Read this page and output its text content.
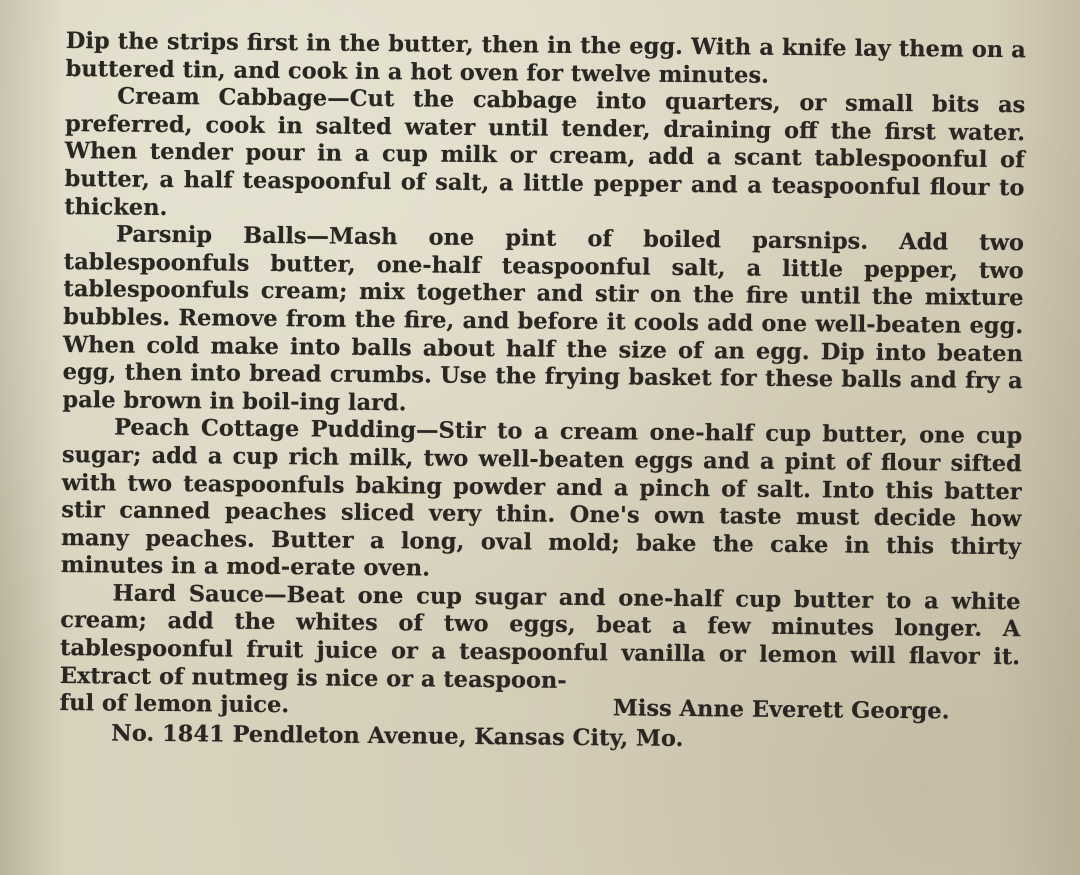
Dip the strips first in the butter, then in the egg. With a knife lay them on a buttered tin, and cook in a hot oven for twelve minutes.

Cream Cabbage—Cut the cabbage into quarters, or small bits as preferred, cook in salted water until tender, draining off the first water. When tender pour in a cup milk or cream, add a scant tablespoonful of butter, a half teaspoonful of salt, a little pepper and a teaspoonful flour to thicken.

Parsnip Balls—Mash one pint of boiled parsnips. Add two tablespoonfuls butter, one-half teaspoonful salt, a little pepper, two tablespoonfuls cream; mix together and stir on the fire until the mixture bubbles. Remove from the fire, and before it cools add one well-beaten egg. When cold make into balls about half the size of an egg. Dip into beaten egg, then into bread crumbs. Use the frying basket for these balls and fry a pale brown in boil-ing lard.

Peach Cottage Pudding—Stir to a cream one-half cup butter, one cup sugar; add a cup rich milk, two well-beaten eggs and a pint of flour sifted with two teaspoonfuls baking powder and a pinch of salt. Into this batter stir canned peaches sliced very thin. One's own taste must decide how many peaches. Butter a long, oval mold; bake the cake in this thirty minutes in a mod-erate oven.

Hard Sauce—Beat one cup sugar and one-half cup butter to a white cream; add the whites of two eggs, beat a few minutes longer. A tablespoonful fruit juice or a teaspoonful vanilla or lemon will flavor it. Extract of nutmeg is nice or a teaspoon-

ful of lemon juice.	Miss Anne Everett George.
No. 1841 Pendleton Avenue, Kansas City, Mo.
